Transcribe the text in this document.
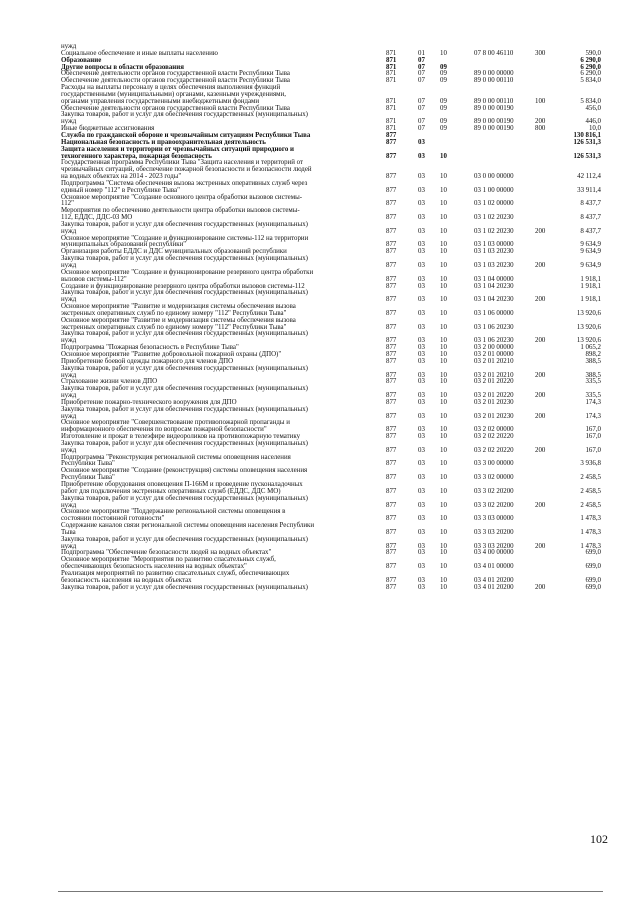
нужд
Социальное обеспечение и иные выплаты населению	871	01 10	07 8 00 46110	300	590,0
Образование	871	07	6 290,0
Другие вопросы в области образования	871	07 09	6 290,0
Обеспечение деятельности органов государственной власти Республики Тыва	871	07 09	89 0 00 00000	6 290,0
Обеспечение деятельности органов государственной власти Республики Тыва	871	07 09	89 0 00 00110	5 834,0
Расходы на выплаты персоналу в целях обеспечения выполнения функций
государственными (муниципальными) органами, казенными учреждениями,
органами управления государственными внебюджетными фондами	871	07 09	89 0 00 00110	100	5 834,0
Обеспечение деятельности органов государственной власти Республики Тыва	871	07 09	89 0 00 00190	456,0
Закупка товаров, работ и услуг для обеспечения государственных (муниципальных)
нужд	871	07 09	89 0 00 00190	200	446,0
Иные бюджетные ассигнования	871	07 09	89 0 00 00190	800	10,0
Служба по гражданской обороне и чрезвычайным ситуациям Республики Тыва	877	130 816,1
Национальная безопасность и правоохранительная деятельность	877	03	126 531,3
Защита населения и территории от чрезвычайных ситуаций природного и
техногенного характера, пожарная безопасность	877	03 10	126 531,3
Государственная программа Республики Тыва "Защита населения и территорий от
чрезвычайных ситуаций, обеспечение пожарной безопасности и безопасности людей
на водных объектах на 2014 - 2023 годы"	877	03 10	03 0 00 00000	42 112,4
Подпрограмма "Система обеспечения вызова экстренных оперативных служб через
единый номер "112" в Республике Тыва"	877	03 10	03 1 00 00000	33 911,4
Основное мероприятие "Создание основного центра обработки вызовов системы-
112"	877	03 10	03 1 02 00000	8 437,7
Мероприятия по обеспечению деятельности центра обработки вызовов системы-
112, ЕДДС, ДДС-03 МО	877	03 10	03 1 02 20230	8 437,7
Закупка товаров, работ и услуг для обеспечения государственных (муниципальных)
нужд	877	03 10	03 1 02 20230	200	8 437,7
Основное мероприятие "Создание и функционирование системы-112 на территории
муниципальных образований республики"	877	03 10	03 1 03 00000	9 634,9
Организация работы ЕДДС и ДДС муниципальных образований республики	877	03 10	03 1 03 20230	9 634,9
Закупка товаров, работ и услуг для обеспечения государственных (муниципальных)
нужд	877	03 10	03 1 03 20230	200	9 634,9
Основное мероприятие "Создание и функционирование резервного центра обработки
вызовов системы-112"	877	03 10	03 1 04 00000	1 918,1
Создание и функционирование резервного центра обработки вызовов системы-112	877	03 10	03 1 04 20230	1 918,1
Закупка товаров, работ и услуг для обеспечения государственных (муниципальных)
нужд	877	03 10	03 1 04 20230	200	1 918,1
Основное мероприятие "Развитие и модернизация системы обеспечения вызова
экстренных оперативных служб по единому номеру "112" Республики Тыва"	877	03 10	03 1 06 00000	13 920,6
Основное мероприятие "Развитие и модернизация системы обеспечения вызова
экстренных оперативных служб по единому номеру "112" Республики Тыва"	877	03 10	03 1 06 20230	13 920,6
Закупка товаров, работ и услуг для обеспечения государственных (муниципальных)
нужд	877	03 10	03 1 06 20230	200	13 920,6
Подпрограмма "Пожарная безопасность в Республике Тыва"	877	03 10	03 2 00 00000	1 065,2
Основное мероприятие "Развитие добровольной пожарной охраны (ДПО)"	877	03 10	03 2 01 00000	898,2
Приобретение боевой одежды пожарного для членов ДПО	877	03 10	03 2 01 20210	388,5
Закупка товаров, работ и услуг для обеспечения государственных (муниципальных)
нужд	877	03 10	03 2 01 20210	200	388,5
Страхование жизни членов ДПО	877	03 10	03 2 01 20220	335,5
Закупка товаров, работ и услуг для обеспечения государственных (муниципальных)
нужд	877	03 10	03 2 01 20220	200	335,5
Приобретение пожарно-технического вооружения для ДПО	877	03 10	03 2 01 20230	174,3
Закупка товаров, работ и услуг для обеспечения государственных (муниципальных)
нужд	877	03 10	03 2 01 20230	200	174,3
Основное мероприятие "Совершенствование противопожарной пропаганды и
информационного обеспечения по вопросам пожарной безопасности"	877	03 10	03 2 02 00000	167,0
Изготовление и прокат в телеэфире видеороликов на противопожарную тематику	877	03 10	03 2 02 20220	167,0
Закупка товаров, работ и услуг для обеспечения государственных (муниципальных)
нужд	877	03 10	03 2 02 20220	200	167,0
Подпрограмма "Реконструкция региональной системы оповещения населения
Республики Тыва"	877	03 10	03 3 00 00000	3 936,8
Основное мероприятие "Создание (реконструкция) системы оповещения населения
Республики Тыва"	877	03 10	03 3 02 00000	2 458,5
Приобретение оборудования оповещения П-166М и проведение пусконаладочных
работ для подключения экстренных оперативных служб (ЕДДС, ДДС МО)	877	03 10	03 3 02 20200	2 458,5
Закупка товаров, работ и услуг для обеспечения государственных (муниципальных)
нужд	877	03 10	03 3 02 20200	200	2 458,5
Основное мероприятие "Поддержание региональной системы оповещения в
состоянии постоянной готовности"	877	03 10	03 3 03 00000	1 478,3
Содержание каналов связи региональной системы оповещения населения Республики
Тыва	877	03 10	03 3 03 20200	1 478,3
Закупка товаров, работ и услуг для обеспечения государственных (муниципальных)
нужд	877	03 10	03 3 03 20200	200	1 478,3
Подпрограмма "Обеспечение безопасности людей на водных объектах"	877	03 10	03 4 00 00000	699,0
Основное мероприятие "Мероприятия по развитию спасательных служб,
обеспечивающих безопасность населения на водных объектах"	877	03 10	03 4 01 00000	699,0
Реализация мероприятий по развитию спасательных служб, обеспечивающих
безопасность населения на водных объектах	877	03 10	03 4 01 20200	699,0
Закупка товаров, работ и услуг для обеспечения государственных (муниципальных)	877	03 10	03 4 01 20200	200	699,0
102
